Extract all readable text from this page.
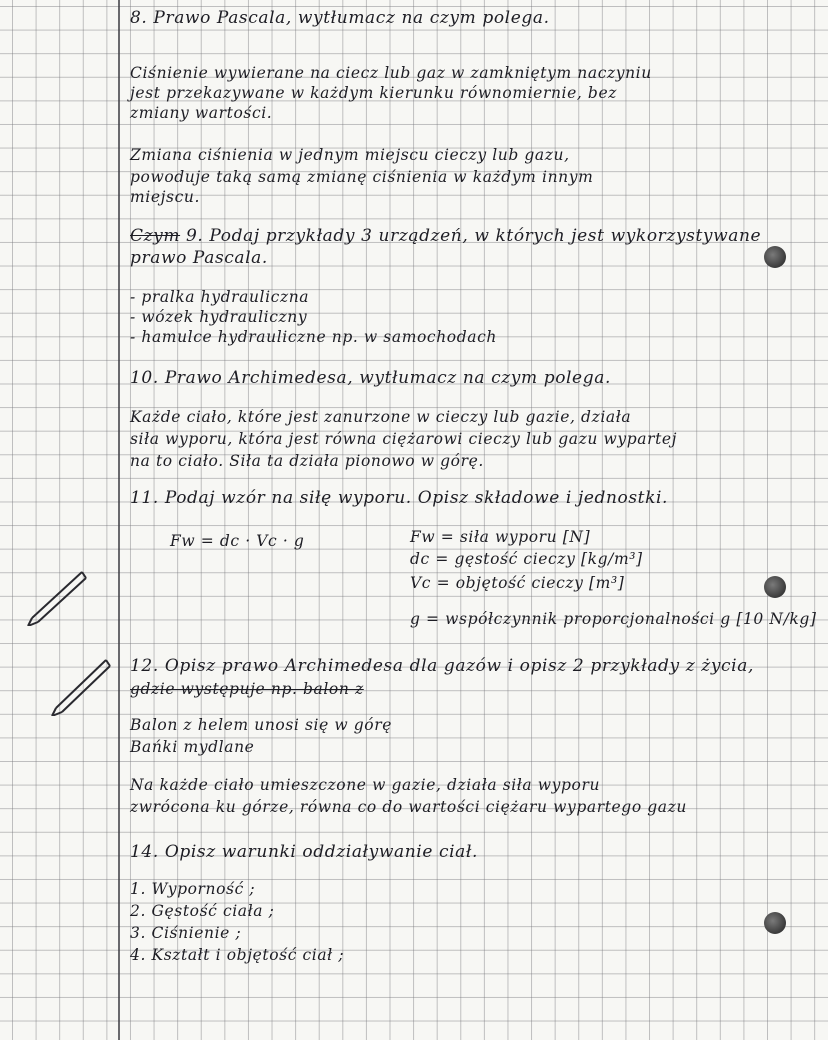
8. Prawo Pascala, wytłumacz na czym polega.
Ciśnienie wywierane na ciecz lub gaz w zamkniętym naczyniu
jest przekazywane w każdym kierunku równomiernie, bez
zmiany wartości.
Zmiana ciśnienia w jednym miejscu cieczy lub gazu,
powoduje taką samą zmianę ciśnienia w każdym innym
miejscu.
Czym 9. Podaj przykłady 3 urządzeń, w których jest wykorzystywane
prawo Pascala.
- pralka hydrauliczna
- wózek hydrauliczny
- hamulce hydrauliczne np. w samochodach
10. Prawo Archimedesa, wytłumacz na czym polega.
Każde ciało, które jest zanurzone w cieczy lub gazie, działa
siła wyporu, która jest równa ciężarowi cieczy lub gazu wypartej
na to ciało. Siła ta działa pionowo w górę.
11. Podaj wzór na siłę wyporu. Opisz składowe i jednostki.
Fw = dc · Vc · g	Fw = siła wyporu [N]
dc = gęstość cieczy [kg/m³]
Vc = objętość cieczy [m³]
g = współczynnik proporcjonalności g [10 N/kg]
12. Opisz prawo Archimedesa dla gazów i opisz 2 przykłady z życia,
gdzie występuje np. balon z
Balon z helem unosi się w górę
Bańki mydlane
Na każde ciało umieszczone w gazie, działa siła wyporu
zwrócona ku górze, równa co do wartości ciężaru wypartego gazu
14. Opisz warunki oddziaływanie ciał.
1. Wyporność ;
2. Gęstość ciała ;
3. Ciśnienie ;
4. Kształt i objętość ciał ;
